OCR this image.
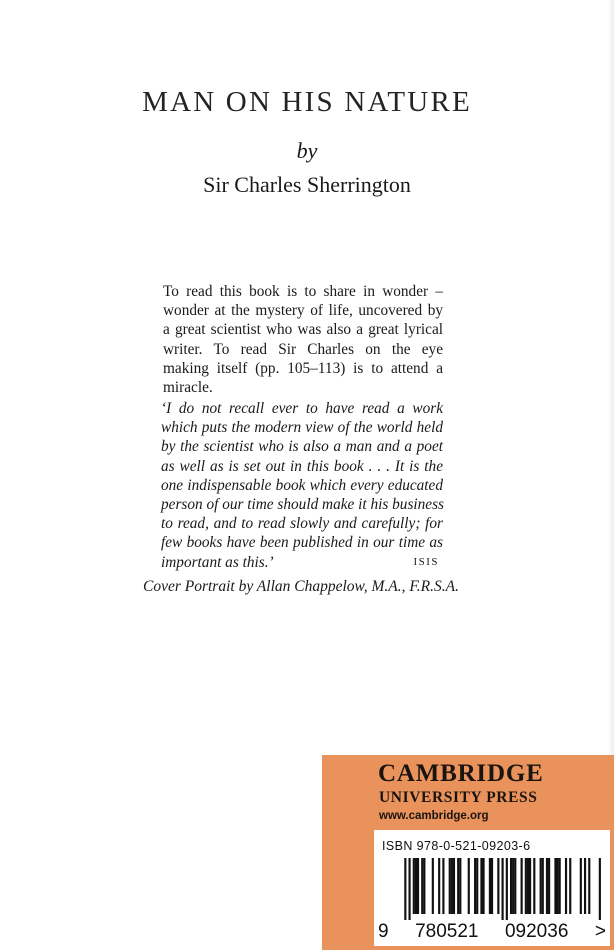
MAN ON HIS NATURE

by

Sir Charles Sherrington

To read this book is to share in wonder –
wonder at the mystery of life, uncovered by
a great scientist who was also a great lyrical
writer. To read Sir Charles on the eye
making itself (pp. 105–113) is to attend a
miracle.
‘I do not recall ever to have read a work
which puts the modern view of the world held
by the scientist who is also a man and a poet
as well as is set out in this book . . . It is the
one indispensable book which every educated
person of our time should make it his business
to read, and to read slowly and carefully; for
few books have been published in our time as
important as this.’	ISIS

Cover Portrait by Allan Chappelow, M.A., F.R.S.A.

CAMBRIDGE

UNIVERSITY PRESS

www.cambridge.org
ISBN 978-0-521-09203-6
9 780521 092036 >
